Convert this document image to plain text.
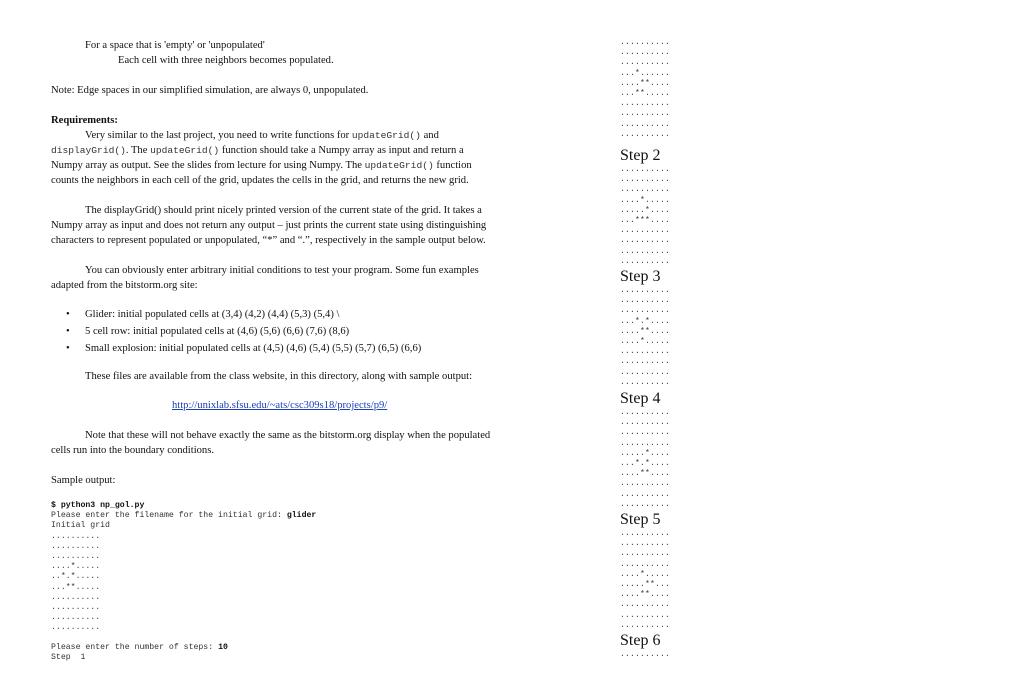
For a space that is 'empty' or 'unpopulated'
Each cell with three neighbors becomes populated.
Note: Edge spaces in our simplified simulation, are always 0, unpopulated.
Requirements:
Very similar to the last project, you need to write functions for updateGrid() and
displayGrid(). The updateGrid() function should take a Numpy array as input and return a
Numpy array as output. See the slides from lecture for using Numpy. The updateGrid() function
counts the neighbors in each cell of the grid, updates the cells in the grid, and returns the new grid.
The displayGrid() should print nicely printed version of the current state of the grid. It takes a
Numpy array as input and does not return any output – just prints the current state using distinguishing
characters to represent populated or unpopulated, “*” and “.”, respectively in the sample output below.
You can obviously enter arbitrary initial conditions to test your program. Some fun examples
adapted from the bitstorm.org site:
• Glider: initial populated cells at (3,4) (4,2) (4,4) (5,3) (5,4) \
• 5 cell row: initial populated cells at (4,6) (5,6) (6,6) (7,6) (8,6)
• Small explosion: initial populated cells at (4,5) (4,6) (5,4) (5,5) (5,7) (6,5) (6,6)
These files are available from the class website, in this directory, along with sample output:
http://unixlab.sfsu.edu/~ats/csc309s18/projects/p9/
Note that these will not behave exactly the same as the bitstorm.org display when the populated
cells run into the boundary conditions.
Sample output:
$ python3 np_gol.py
Please enter the filename for the initial grid: glider
Initial grid
..........
..........
..........
....*.....
..*.*.....
...**.....
..........
..........
..........
..........
Please enter the number of steps: 10
Step  1
..........
..........
..........
...*......
....**....
...**.....
..........
..........
..........
..........
Step 2
..........
..........
..........
....*.....
.....*....
...***....
..........
..........
..........
..........
Step 3
..........
..........
..........
...*.*....
....**....
....*.....
..........
..........
..........
..........
Step 4
..........
..........
..........
..........
.....*....
...*.*....
....**....
..........
..........
..........
Step 5
..........
..........
..........
..........
....*.....
.....**...
....**....
..........
..........
..........
Step 6
..........
